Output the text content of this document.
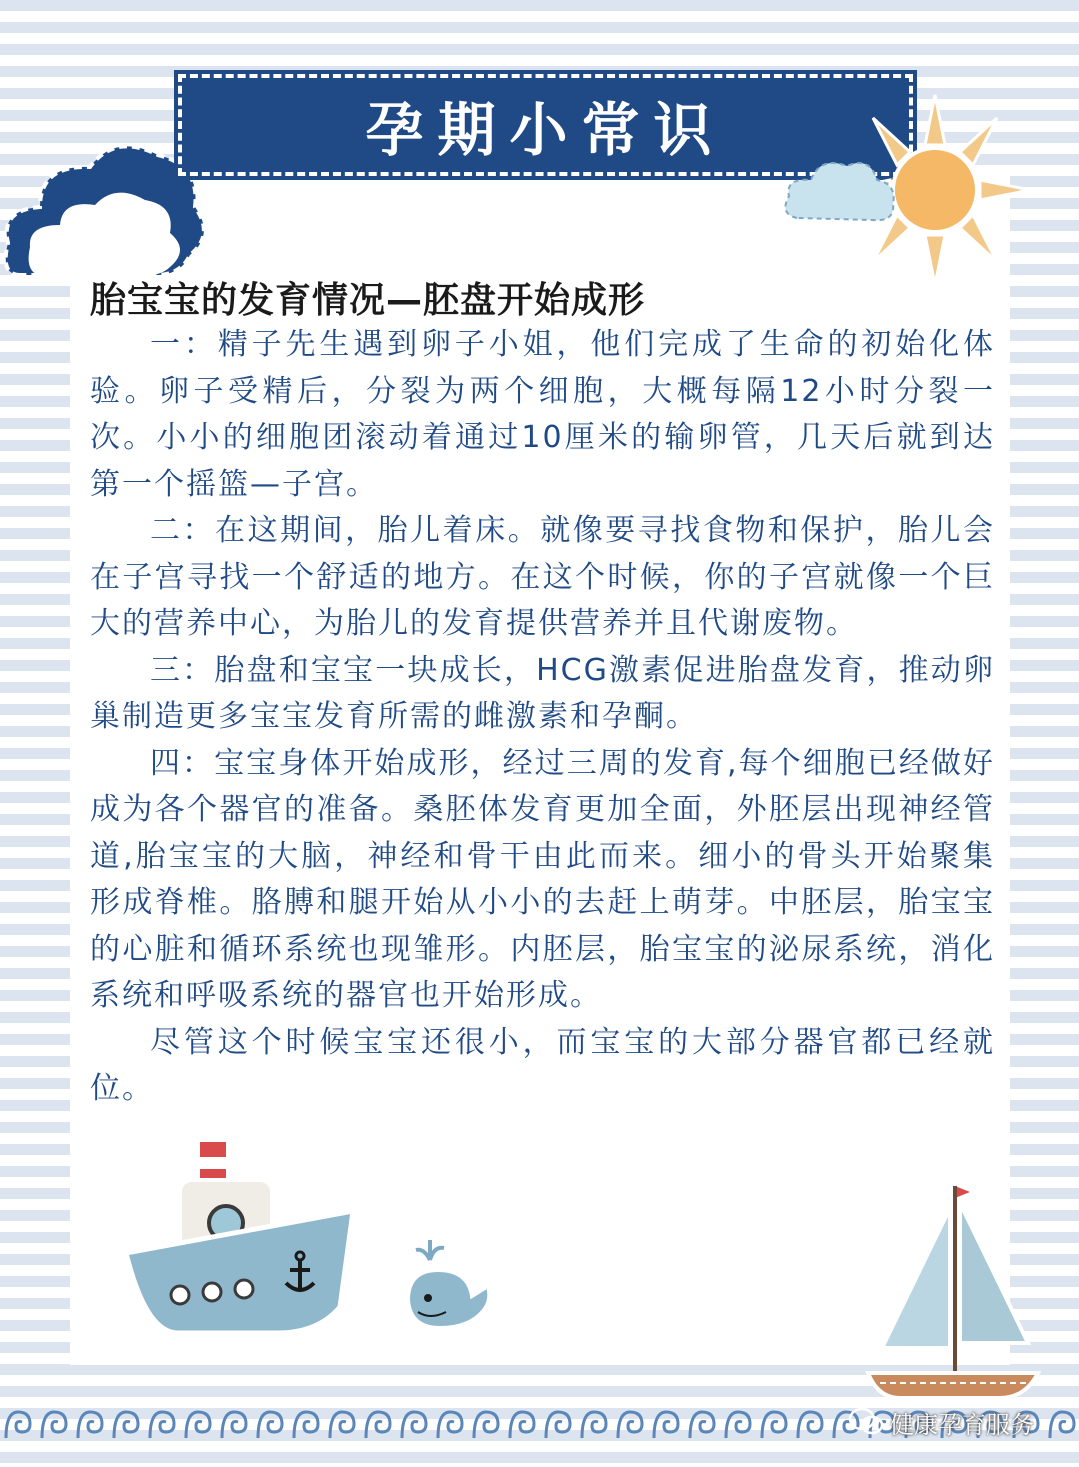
孕期小常识
胎宝宝的发育情况—胚盘开始成形

一：精子先生遇到卵子小姐，他们完成了生命的初始化体验。卵子受精后，分裂为两个细胞，大概每隔12小时分裂一次。小小的细胞团滚动着通过10厘米的输卵管，几天后就到达第一个摇篮—子宫。

二：在这期间，胎儿着床。就像要寻找食物和保护，胎儿会在子宫寻找一个舒适的地方。在这个时候，你的子宫就像一个巨大的营养中心，为胎儿的发育提供营养并且代谢废物。

三：胎盘和宝宝一块成长，HCG激素促进胎盘发育，推动卵巢制造更多宝宝发育所需的雌激素和孕酮。

四：宝宝身体开始成形，经过三周的发育,每个细胞已经做好成为各个器官的准备。桑胚体发育更加全面，外胚层出现神经管道,胎宝宝的大脑，神经和骨干由此而来。细小的骨头开始聚集形成脊椎。胳膊和腿开始从小小的去赶上萌芽。中胚层，胎宝宝的心脏和循环系统也现雏形。内胚层，胎宝宝的泌尿系统，消化系统和呼吸系统的器官也开始形成。

尽管这个时候宝宝还很小，而宝宝的大部分器官都已经就位。

健康孕育服务
